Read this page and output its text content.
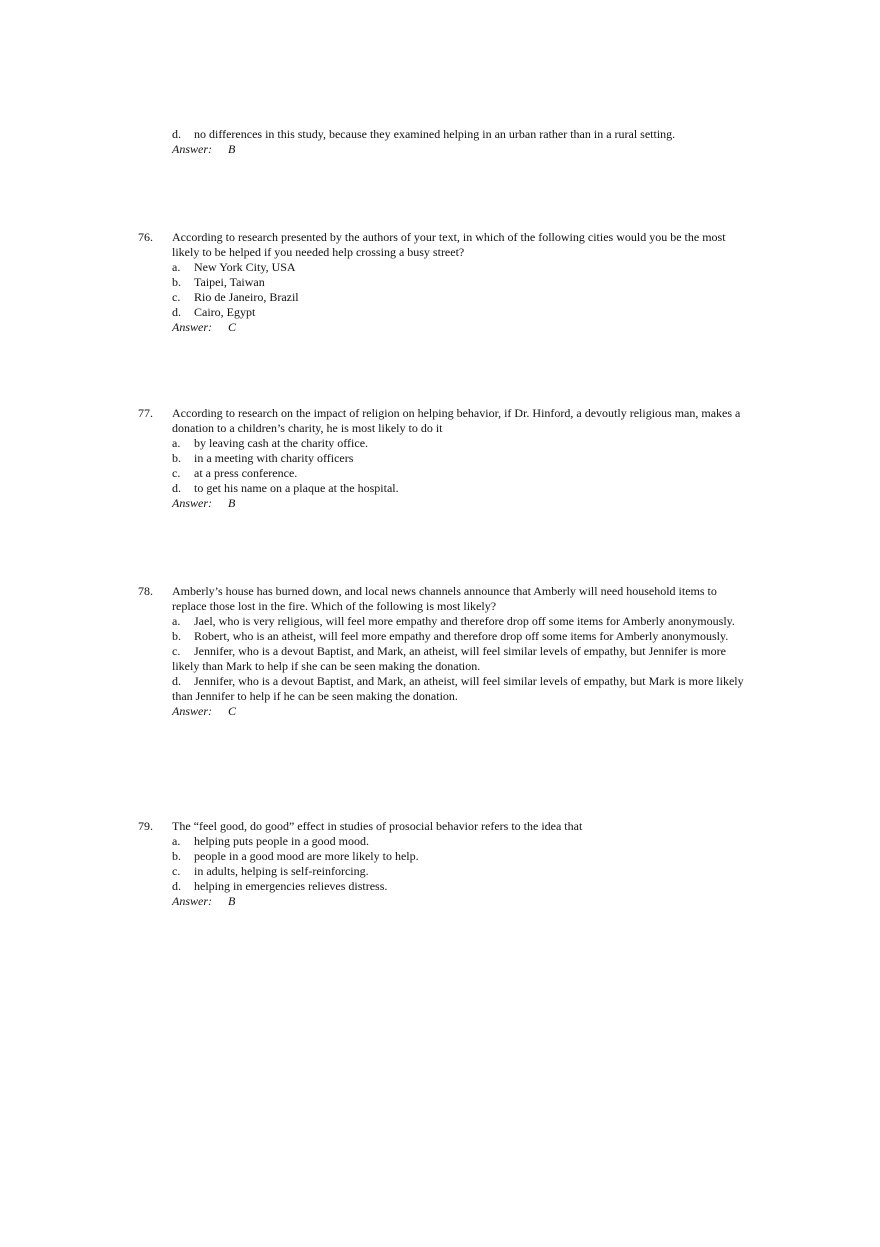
d.	no differences in this study, because they examined helping in an urban rather than in a rural setting.
Answer: B
76.	According to research presented by the authors of your text, in which of the following cities would you be the most likely to be helped if you needed help crossing a busy street?
a.	New York City, USA
b.	Taipei, Taiwan
c.	Rio de Janeiro, Brazil
d.	Cairo, Egypt
Answer: C
77.	According to research on the impact of religion on helping behavior, if Dr. Hinford, a devoutly religious man, makes a donation to a children’s charity, he is most likely to do it
a.	by leaving cash at the charity office.
b.	in a meeting with charity officers
c.	at a press conference.
d.	to get his name on a plaque at the hospital.
Answer: B
78.	Amberly’s house has burned down, and local news channels announce that Amberly will need household items to replace those lost in the fire. Which of the following is most likely?
a. Jael, who is very religious, will feel more empathy and therefore drop off some items for Amberly anonymously.
b. Robert, who is an atheist, will feel more empathy and therefore drop off some items for Amberly anonymously.
c. Jennifer, who is a devout Baptist, and Mark, an atheist, will feel similar levels of empathy, but Jennifer is more likely than Mark to help if she can be seen making the donation.
d. Jennifer, who is a devout Baptist, and Mark, an atheist, will feel similar levels of empathy, but Mark is more likely than Jennifer to help if he can be seen making the donation.
Answer: C
79.	The “feel good, do good” effect in studies of prosocial behavior refers to the idea that
a.	helping puts people in a good mood.
b.	people in a good mood are more likely to help.
c.	in adults, helping is self-reinforcing.
d.	helping in emergencies relieves distress.
Answer: B
